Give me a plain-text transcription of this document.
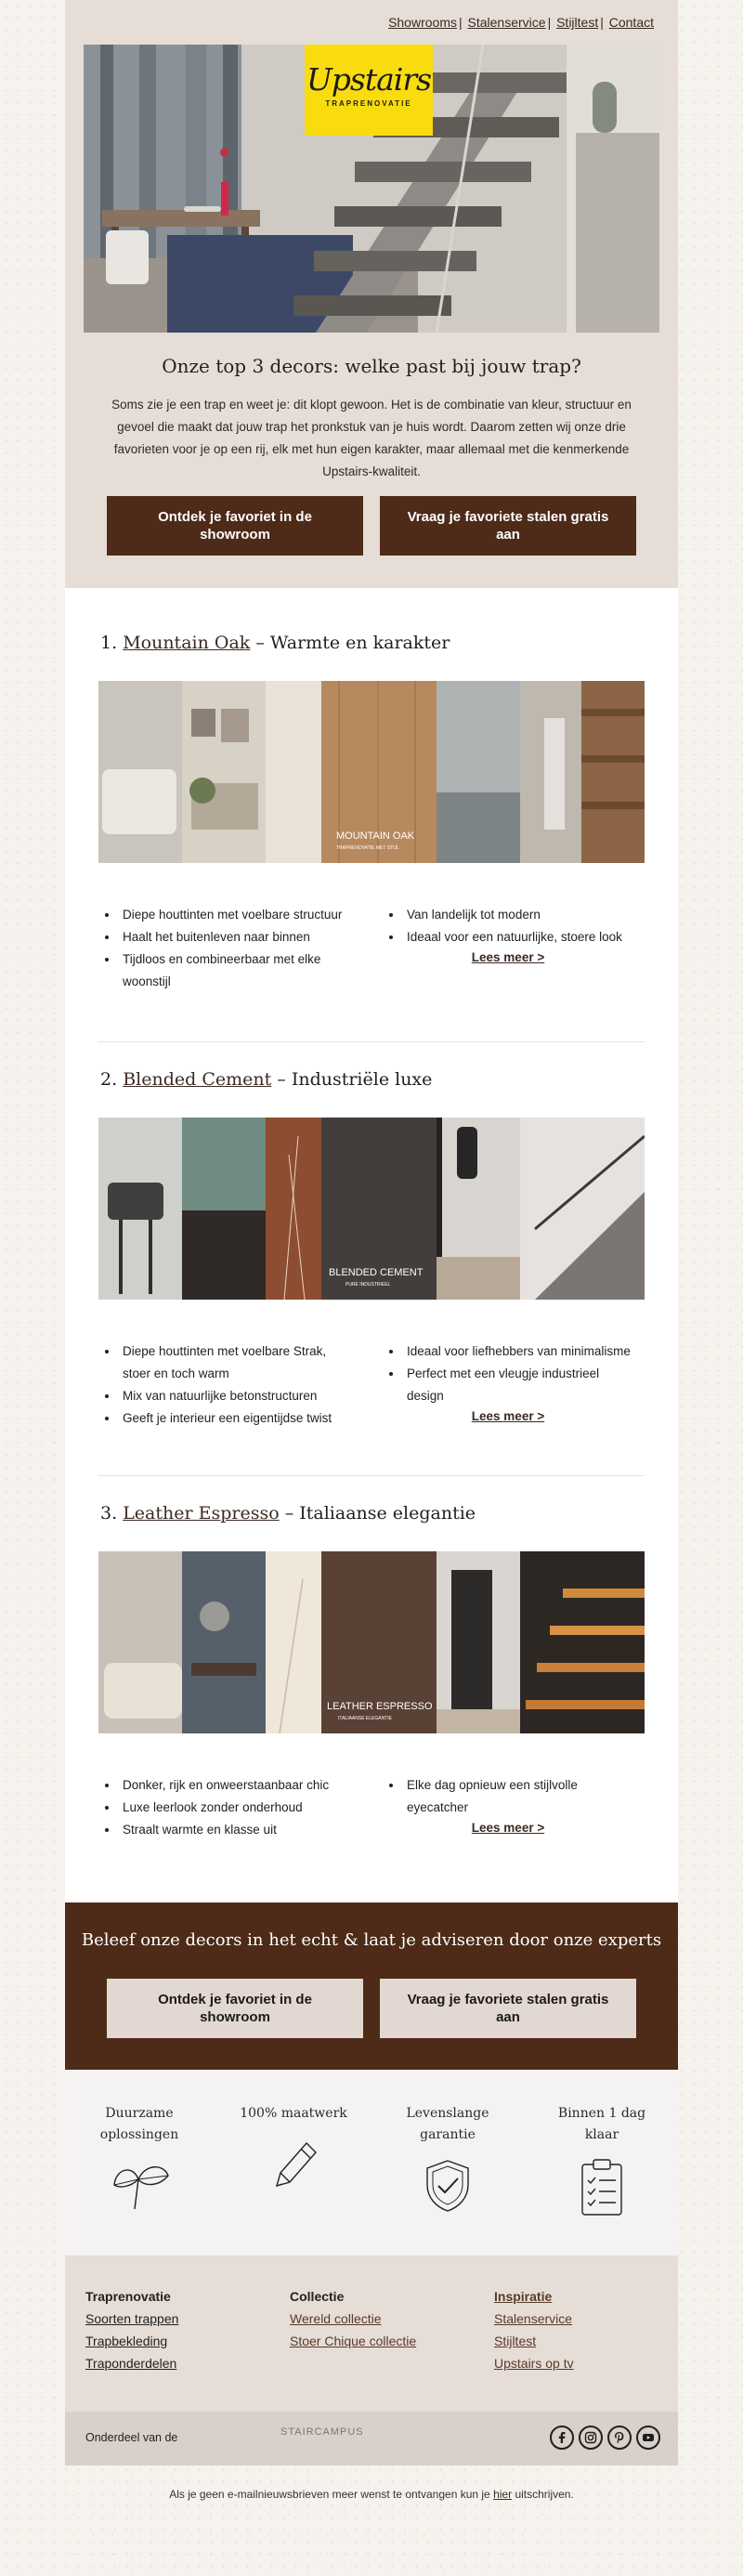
Showrooms | Stalenservice | Stijltest | Contact
Upstairs
TRAPRENOVATIE
Onze top 3 decors: welke past bij jouw trap?
Soms zie je een trap en weet je: dit klopt gewoon. Het is de combinatie van kleur, structuur en gevoel die maakt dat jouw trap het pronkstuk van je huis wordt. Daarom zetten wij onze drie favorieten voor je op een rij, elk met hun eigen karakter, maar allemaal met die kenmerkende Upstairs-kwaliteit.
Ontdek je favoriet in de showroom
Vraag je favoriete stalen gratis aan
1. Mountain Oak – Warmte en karakter
MOUNTAIN OAK
TRAPRENOVATIE MET STIJL
• Diepe houttinten met voelbare structuur
• Haalt het buitenleven naar binnen
• Tijdloos en combineerbaar met elke woonstijl
• Van landelijk tot modern
• Ideaal voor een natuurlijke, stoere look
Lees meer >
2. Blended Cement – Industriële luxe
BLENDED CEMENT
PURE INDUSTRIEEL
• Diepe houttinten met voelbare Strak, stoer en toch warm
• Mix van natuurlijke betonstructuren
• Geeft je interieur een eigentijdse twist
• Ideaal voor liefhebbers van minimalisme
• Perfect met een vleugje industrieel design
Lees meer >
3. Leather Espresso – Italiaanse elegantie
LEATHER ESPRESSO
ITALIAANSE ELEGANTIE
• Donker, rijk en onweerstaanbaar chic
• Luxe leerlook zonder onderhoud
• Straalt warmte en klasse uit
• Elke dag opnieuw een stijlvolle eyecatcher
Lees meer >
Beleef onze decors in het echt & laat je adviseren door onze experts
Ontdek je favoriet in de showroom
Vraag je favoriete stalen gratis aan
Duurzame oplossingen
100% maatwerk	Levenslange garantie
Binnen 1 dag klaar
Traprenovatie
Soorten trappen
Trapbekleding
Traponderdelen
Collectie
Wereld collectie
Stoer Chique collectie
Inspiratie
Stalenservice
Stijltest
Upstairs op tv
Onderdeel van de	STAIRCAMPUS
Als je geen e-mailnieuwsbrieven meer wenst te ontvangen kun je hier uitschrijven.
